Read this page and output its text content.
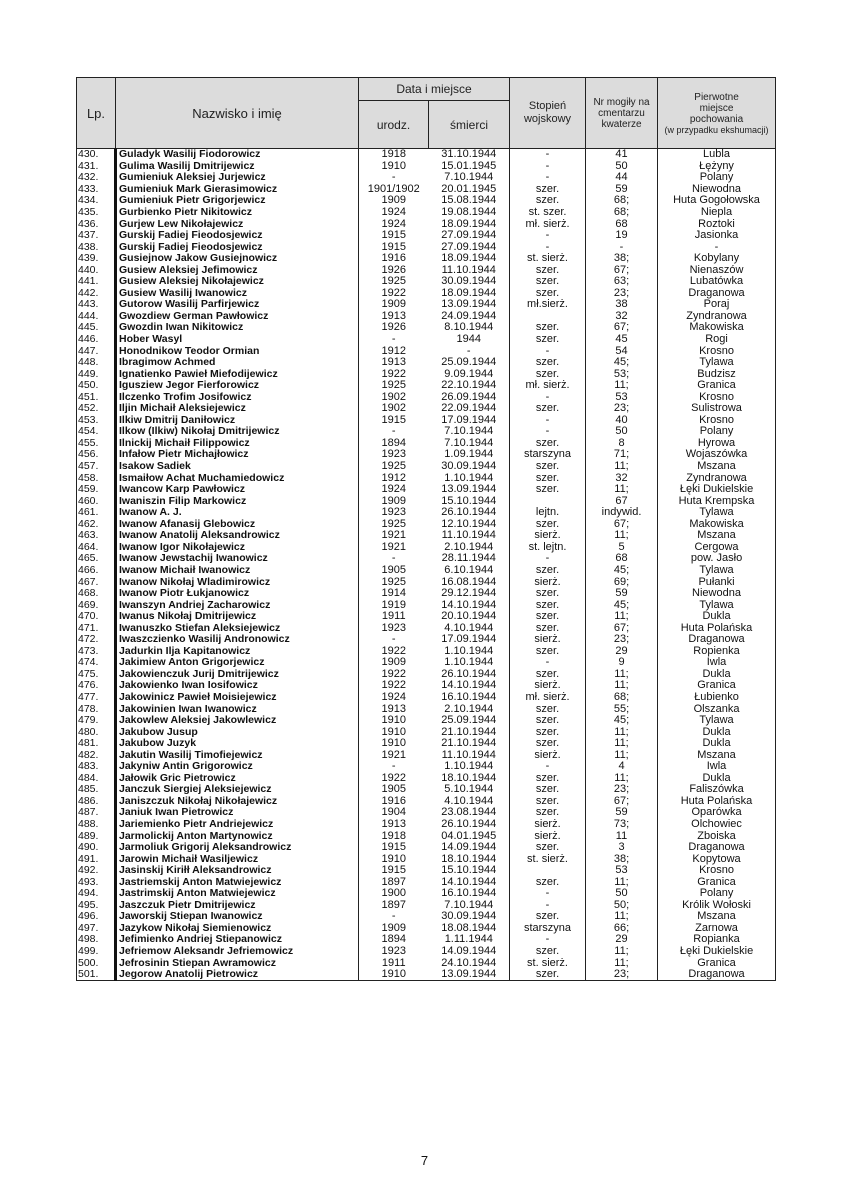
Lp.	Nazwisko i imię	Data i miejsce		Stopień wojskowy	Nr mogiły na cmentarzu kwaterze	Pierwotne miejsce pochowania
(w przypadku ekshumacji)

		urodz.	śmierci			
430.	Guladyk Wasilij Fiodorowicz	1918	31.10.1944	-	41	Lubla
431.	Gulima Wasilij Dmitrijewicz	1910	15.01.1945	-	50	Łężyny
432.	Gumieniuk Aleksiej Jurjewicz	-	7.10.1944	-	44	Polany
433.	Gumieniuk Mark Gierasimowicz	1901/1902	20.01.1945	szer.	59	Niewodna
434.	Gumieniuk Pietr Grigorjewicz	1909	15.08.1944	szer.	68;	Huta Gogołowska
435.	Gurbienko Pietr Nikitowicz	1924	19.08.1944	st. szer.	68;	Niepla
436.	Gurjew Lew Nikołajewicz	1924	18.09.1944	mł. sierż.	68	Roztoki
437.	Gurskij Fadiej Fieodosjewicz	1915	27.09.1944	-	19	Jasionka
438.	Gurskij Fadiej Fieodosjewicz	1915	27.09.1944	-	-	-
439.	Gusiejnow Jakow Gusiejnowicz	1916	18.09.1944	st. sierż.	38;	Kobylany
440.	Gusiew Aleksiej Jefimowicz	1926	11.10.1944	szer.	67;	Nienaszów
441.	Gusiew Aleksiej Nikołajewicz	1925	30.09.1944	szer.	63;	Lubatówka
442.	Gusiew Wasilij Iwanowicz	1922	18.09.1944	szer.	23;	Draganowa
443.	Gutorow Wasilij Parfirjewicz	1909	13.09.1944	mł.sierż.	38	Poraj
444.	Gwozdiew German Pawłowicz	1913	24.09.1944		32	Zyndranowa
445.	Gwozdin Iwan Nikitowicz	1926	8.10.1944	szer.	67;	Makowiska
446.	Hober Wasyl	-	1944	szer.	45	Rogi
447.	Honodnikow Teodor Ormian	1912	-	-	54	Krosno
448.	Ibragimow Achmed	1913	25.09.1944	szer.	45;	Tylawa
449.	Ignatienko Pawieł Miefodijewicz	1922	9.09.1944	szer.	53;	Budzisz
450.	Igusziew Jegor Fierforowicz	1925	22.10.1944	mł. sierż.	11;	Granica
451.	Ilczenko Trofim Josifowicz	1902	26.09.1944	-	53	Krosno
452.	Iljin Michaił Aleksiejewicz	1902	22.09.1944	szer.	23;	Sulistrowa
453.	Ilkiw Dmitrij Daniłowicz	1915	17.09.1944	-	40	Krosno
454.	Ilkow (Ilkiw) Nikołaj Dmitrijewicz	-	7.10.1944	-	50	Polany
455.	Ilnickij Michaił Filippowicz	1894	7.10.1944	szer.	8	Hyrowa
456.	Infałow Pietr Michajłowicz	1923	1.09.1944	starszyna	71;	Wojaszówka
457.	Isakow Sadiek	1925	30.09.1944	szer.	11;	Mszana
458.	Ismaiłow Achat Muchamiedowicz	1912	1.10.1944	szer.	32	Zyndranowa
459.	Iwancow Karp Pawłowicz	1924	13.09.1944	szer.	11;	Łęki Dukielskie
460.	Iwaniszin Filip Markowicz	1909	15.10.1944		67	Huta Krempska
461.	Iwanow A. J.	1923	26.10.1944	lejtn.	indywid.	Tylawa
462.	Iwanow Afanasij Glebowicz	1925	12.10.1944	szer.	67;	Makowiska
463.	Iwanow Anatolij Aleksandrowicz	1921	11.10.1944	sierż.	11;	Mszana
464.	Iwanow Igor Nikołajewicz	1921	2.10.1944	st. lejtn.	5	Cergowa
465.	Iwanow Jewstachij Iwanowicz	-	28.11.1944	-	68	pow. Jasło
466.	Iwanow Michaił Iwanowicz	1905	6.10.1944	szer.	45;	Tylawa
467.	Iwanow Nikołaj Wladimirowicz	1925	16.08.1944	sierż.	69;	Pułanki
468.	Iwanow Piotr Łukjanowicz	1914	29.12.1944	szer.	59	Niewodna
469.	Iwanszyn Andriej Zacharowicz	1919	14.10.1944	szer.	45;	Tylawa
470.	Iwanus Nikołaj Dmitrijewicz	1911	20.10.1944	szer.	11;	Dukla
471.	Iwanuszko Stiefan Aleksiejewicz	1923	4.10.1944	szer.	67;	Huta Polańska
472.	Iwaszczienko Wasilij Andronowicz	-	17.09.1944	sierż.	23;	Draganowa
473.	Jadurkin Ilja Kapitanowicz	1922	1.10.1944	szer.	29	Ropienka
474.	Jakimiew Anton Grigorjewicz	1909	1.10.1944	-	9	Iwla
475.	Jakowienczuk Jurij Dmitrijewicz	1922	26.10.1944	szer.	11;	Dukla
476.	Jakowienko Iwan Iosifowicz	1922	14.10.1944	sierż.	11;	Granica
477.	Jakowinicz Pawieł Moisiejewicz	1924	16.10.1944	mł. sierż.	68;	Łubienko
478.	Jakowinien Iwan Iwanowicz	1913	2.10.1944	szer.	55;	Olszanka
479.	Jakowlew Aleksiej Jakowlewicz	1910	25.09.1944	szer.	45;	Tylawa
480.	Jakubow Jusup	1910	21.10.1944	szer.	11;	Dukla
481.	Jakubow Juzyk	1910	21.10.1944	szer.	11;	Dukla
482.	Jakutin Wasilij Timofiejewicz	1921	11.10.1944	sierż.	11;	Mszana
483.	Jakyniw Antin Grigorowicz	-	1.10.1944	-	4	Iwla
484.	Jałowik Gric Pietrowicz	1922	18.10.1944	szer.	11;	Dukla
485.	Janczuk Siergiej Aleksiejewicz	1905	5.10.1944	szer.	23;	Faliszówka
486.	Janiszczuk Nikołaj Nikołajewicz	1916	4.10.1944	szer.	67;	Huta Polańska
487.	Janiuk Iwan Pietrowicz	1904	23.08.1944	szer.	59	Oparówka
488.	Jariemienko Pietr Andriejewicz	1913	26.10.1944	sierż.	73;	Olchowiec
489.	Jarmolickij Anton Martynowicz	1918	04.01.1945	sierż.	11	Zboiska
490.	Jarmoliuk Grigorij Aleksandrowicz	1915	14.09.1944	szer.	3	Draganowa
491.	Jarowin Michaił Wasiljewicz	1910	18.10.1944	st. sierż.	38;	Kopytowa
492.	Jasinskij Kiriłł Aleksandrowicz	1915	15.10.1944		53	Krosno
493.	Jastriemskij Anton Matwiejewicz	1897	14.10.1944	szer.	11;	Granica
494.	Jastrimskij Anton Matwiejewicz	1900	16.10.1944	-	50	Polany
495.	Jaszczuk Pietr Dmitrijewicz	1897	7.10.1944	-	50;	Królik Wołoski
496.	Jaworskij Stiepan Iwanowicz	-	30.09.1944	szer.	11;	Mszana
497.	Jazykow Nikołaj Siemienowicz	1909	18.08.1944	starszyna	66;	Zarnowa
498.	Jefimienko Andriej Stiepanowicz	1894	1.11.1944	-	29	Ropianka
499.	Jefriemow Aleksandr Jefriemowicz	1923	14.09.1944	szer.	11;	Łęki Dukielskie
500.	Jefrosinin Stiepan Awramowicz	1911	24.10.1944	st. sierż.	11;	Granica
501.	Jegorow Anatolij Pietrowicz	1910	13.09.1944	szer.	23;	Draganowa
7
